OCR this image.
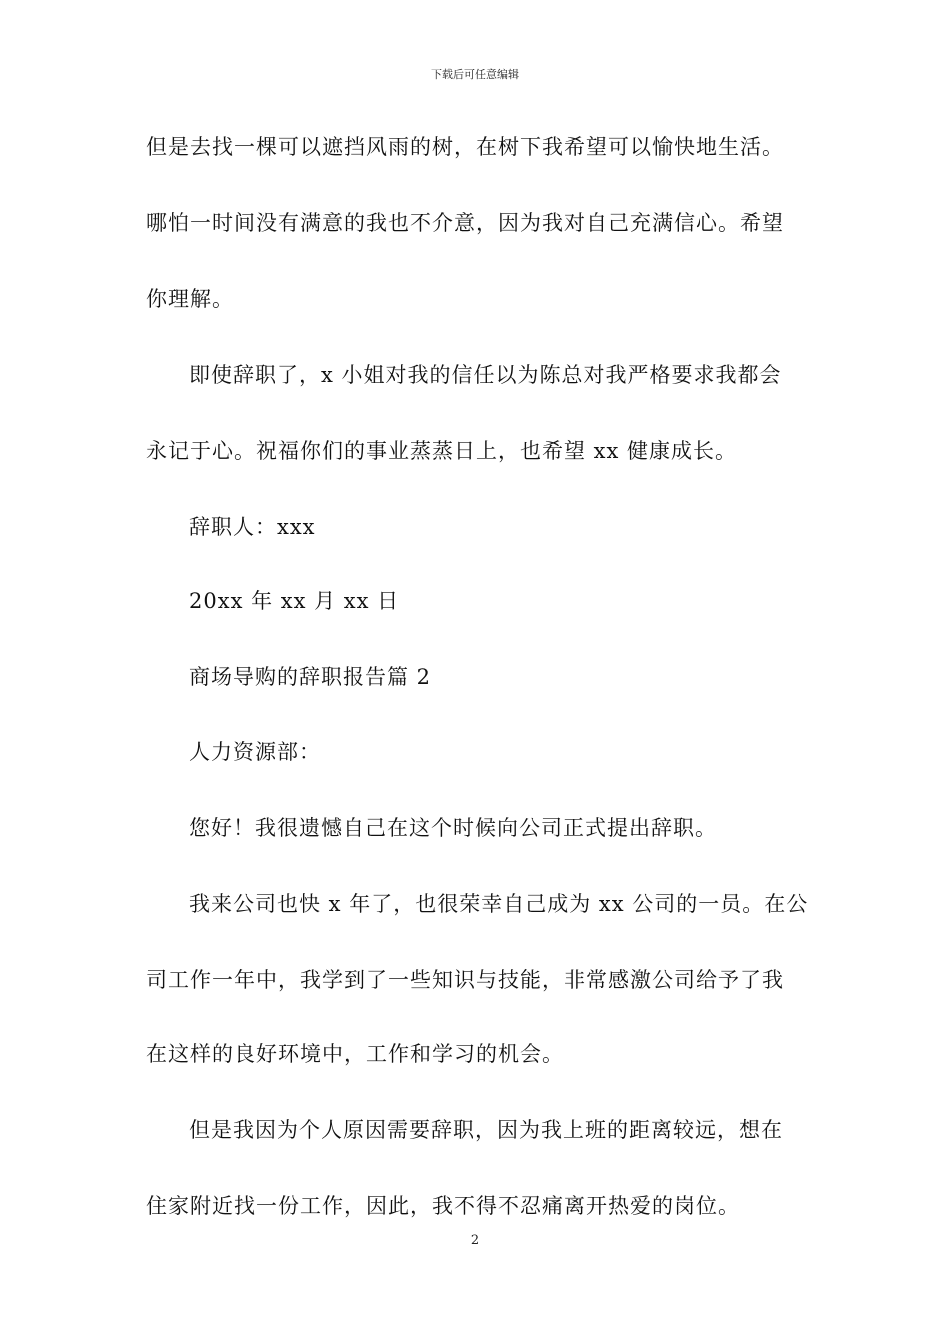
下载后可任意编辑
但是去找一棵可以遮挡风雨的树，在树下我希望可以愉快地生活。
哪怕一时间没有满意的我也不介意，因为我对自己充满信心。希望
你理解。
即使辞职了，x 小姐对我的信任以为陈总对我严格要求我都会
永记于心。祝福你们的事业蒸蒸日上，也希望 xx 健康成长。
辞职人：xxx
20xx 年 xx 月 xx 日
商场导购的辞职报告篇 2
人力资源部：
您好！我很遗憾自己在这个时候向公司正式提出辞职。
我来公司也快 x 年了，也很荣幸自己成为 xx 公司的一员。在公
司工作一年中，我学到了一些知识与技能，非常感激公司给予了我
在这样的良好环境中，工作和学习的机会。
但是我因为个人原因需要辞职，因为我上班的距离较远，想在
住家附近找一份工作，因此，我不得不忍痛离开热爱的岗位。
2
